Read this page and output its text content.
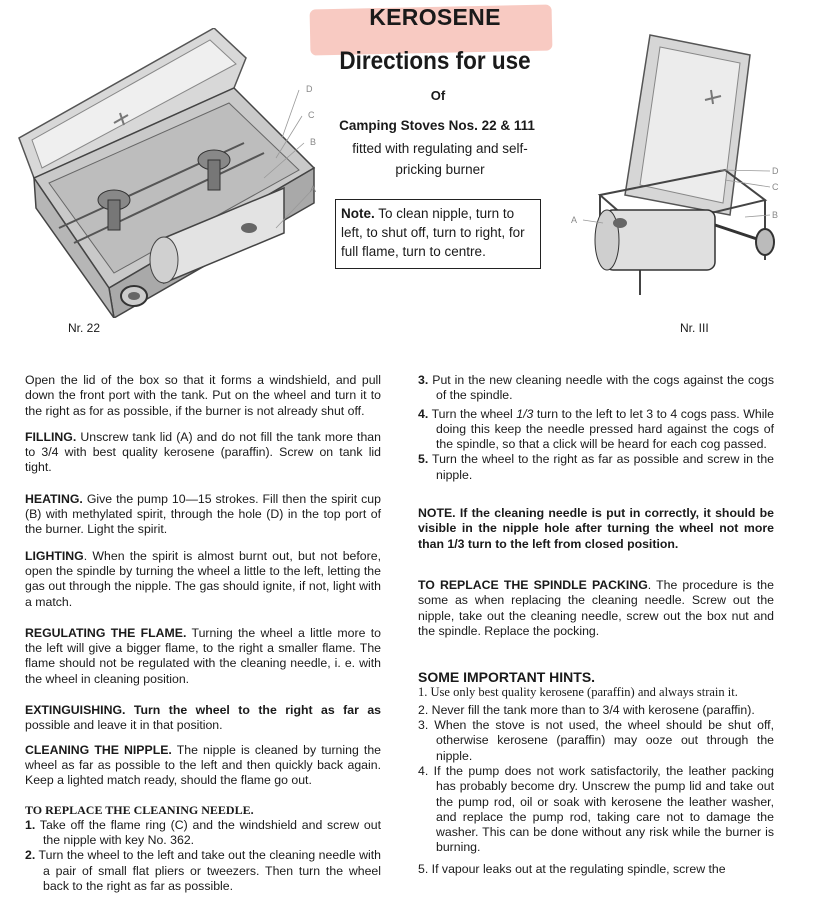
D
C
B
A
D
C
A	B
KEROSENE
Directions for use
Of
Camping Stoves Nos. 22 & 111
fitted with regulating and self-pricking burner
Note. To clean nipple, turn to left, to shut off, turn to right, for full flame, turn to centre.
Nr. 22	Nr. III

Open the lid of the box so that it forms a windshield, and pull down the front port with the tank. Put on the wheel and turn it to the right as for as possible, if the burner is not already shut off.

FILLING. Unscrew tank lid (A) and do not fill the tank more than to 3/4 with best quality kerosene (paraffin). Screw on tank lid tight.

HEATING. Give the pump 10—15 strokes. Fill then the spirit cup (B) with methylated spirit, through the hole (D) in the top port of the burner. Light the spirit.

LIGHTING. When the spirit is almost burnt out, but not before, open the spindle by turning the wheel a little to the left, letting the gas out through the nipple. The gas should ignite, if not, light with a match.

REGULATING THE FLAME. Turning the wheel a little more to the left will give a bigger flame, to the right a smaller flame. The flame should not be regulated with the cleaning needle, i. e. with the wheel in cleaning position.

EXTINGUISHING. Turn the wheel to the right as far as possible and leave it in that position.

CLEANING THE NIPPLE. The nipple is cleaned by turning the wheel as far as possible to the left and then quickly back again. Keep a lighted match ready, should the flame go out.

TO REPLACE THE CLEANING NEEDLE.

1. Take off the flame ring (C) and the windshield and screw out the nipple with key No. 362.

2. Turn the wheel to the left and take out the cleaning needle with a pair of small flat pliers or tweezers. Then turn the wheel back to the right as far as possible.

3. Put in the new cleaning needle with the cogs against the cogs of the spindle.

4. Turn the wheel 1/3 turn to the left to let 3 to 4 cogs pass. While doing this keep the needle pressed hard against the cogs of the spindle, so that a click will be heard for each cog passed.

5. Turn the wheel to the right as far as possible and screw in the nipple.

NOTE. If the cleaning needle is put in correctly, it should be visible in the nipple hole after turning the wheel not more than 1/3 turn to the left from closed position.

TO REPLACE THE SPINDLE PACKING. The procedure is the some as when replacing the cleaning needle. Screw out the nipple, take out the cleaning needle, screw out the box nut and the spindle. Replace the pocking.

SOME IMPORTANT HINTS.

1. Use only best quality kerosene (paraffin) and always strain it.

2. Never fill the tank more than to 3/4 with kerosene (paraffin).

3. When the stove is not used, the wheel should be shut off, otherwise kerosene (paraffin) may ooze out through the nipple.

4. If the pump does not work satisfactorily, the leather packing has probably become dry. Unscrew the pump lid and take out the pump rod, oil or soak with kerosene the leather washer, and replace the pump rod, taking care not to damage the washer. This can be done without any risk while the burner is burning.

5. If vapour leaks out at the regulating spindle, screw the
